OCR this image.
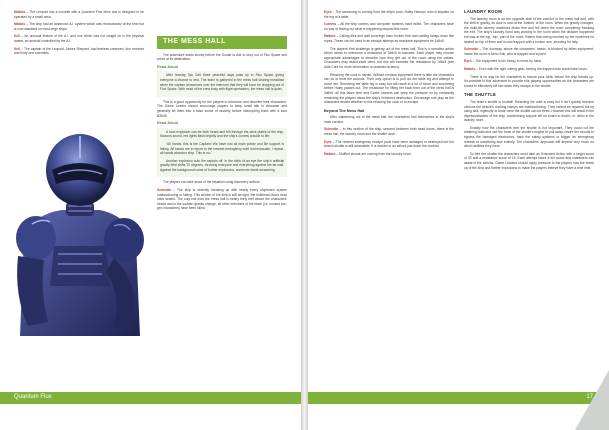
Maliolo – The Leopold has a corvette with a Quantum Flux drive and is designed to be operated by a small crew.

Maliolo – The ship had an advanced A.I. system which was revolutionary at the time but is now standard on most large ships.

Kell – An unusual feature of the A.I. and one which has not caught on is the physical avatar, an android controlled by the A.I.

Kell – The captain of the Leopold, James Shepard, had fearless crewmen, four marines and thirty-one scientists.

THE MESS HALL

The adventure starts shortly before the Ocular is due to drop out of Flux Space and arrive at its destination.

Read Aloud

After leaving Tau Ceti three peaceful days pass by in Flux Space giving everyone a chance to rest. The team is gathered in the mess hall sharing breakfast when the captain announces over the intercom that they will soon be dropping out of Flux Space. With most of the crew busy with flight operations, the mess hall is quiet.

This is a good opportunity for the players to introduce and describe their characters. The Game Leader should encourage players to keep small talk in character and generally let them into a false sense of security before interrupting them with a loud BANG!

Read Aloud

A loud explosion can be both heard and felt through the deck plates of the ship. Klaxons sound, red lights flash brightly and the ship's comms crackle to life.

"All hands, this is the Captain! We have lost all main power and life support is failing. All hands are to report to the nearest emergency craft and evacuate. I repeat, all hands abandon ship. This is no-"

Another explosion cuts the captain off. In the blink of an eye the ship's artificial gravity field shifts 70 degrees, throwing everyone and everything against the far wall. Against the background noise of further explosions, someone starts screaming.

The players can take stock of the situation using discovery actions.

Schrodin – The ship is violently breaking up with nearly every shipboard system malfunctioning or failing. This section of the ship is still air-tight; the bulkhead doors must have sealed. The only exit from the mess hall is nearly thirty feet above the characters' heads and in the sudden gravity change, all other members of the team (i.e. unused pre-gen characters) have been killed.

Quantum Flux

Eyes – The screaming is coming from the ship's cook, Haley Hanson, who is impaled on the leg of a table.

Comms – All the ship comms and computer systems have failed. The characters have no way of finding out what is happening beyond this room.

Maliolo – Ceiling tiles and wall coverings have broken free and cabling hangs down like ropes. These can be used in an escape attempt as mundane equipment for 1d6x5.

The players' first challenge is getting out of the mess hall. This is a narrative action which needs to overcome a resistance of 3d6x5 to succeed. Each player may choose appropriate advantages to describe how they get out of the room using the cables. Characters may assist each other, but this will increase the resistance by 1d6x5 (see Aids Core for more information on assisted actions).

Rescuing the cook is harder. Without medical equipment there is little the characters can do to treat the wounds. Their only option is to pull out the table leg and attempt to move her. Removing the table leg is easy but will result in a lot of blood and screaming before Haley passes out. The resistance for lifting her back from out of the mess hall is 3d6x5. All this takes time and Game Leaders can keep the pressure on by constantly reminding the players about the ship's imminent destruction. Encourage role play as the characters decide whether to risk rescuing the cook or to escape.

Beyond The Mess Hall

After clambering out of the mess hall, the characters find themselves in the ship's main corridor.

Schrodin – In this section of the ship, secured between both head doors, there is the mess hall, the laundry room and the shuttle dock.

Eyes – The nearest emergency escape pods have been damaged or destroyed but the team's shuttle is still accessible. If a docked or an airlock just down the corridor.

Maliolo – Muffled shouts are coming from the laundry room.

LAUNDRY ROOM

The laundry room is on the opposite side of the corridor to the mess hall and, with the shift in gravity, its door is now at the 'bottom' of the room. When the gravity changed, the multi-tier laundry machines broke free and fell down the room completely blocking the exit. The ship's laundry hand was working in the room when the disaster happened but was at the top, 'top', part of the room. Rather than being crushed by the machines he landed on top of them and is now trapped with a broken arm, shouting for help.

Schrodin – The doorway, above the characters' heads, is blocked by fallen equipment. Inside the room is Abhu Sok, who is trapped and injured.

Eyes – The equipment is too heavy to move by hand.

Maliolo – Even with the right cutting gear, freeing the trapped man would take hours.

There is no way for the characters to rescue poor Abhu before the ship breaks up. It's possible in this adventure to provide role playing opportunities as the characters are forced to effectively kill him when they escape in the shuttle.

THE SHUTTLE

The team's shuttle is football. Reaching the craft is easy but it isn't quickly become obvious the airlock's docking clamps are malfunctioning. They cannot be repaired but by using skill, ingenuity or brute force the shuttle can be freed. However this will result in the depressurisation of the ship, condemning anyone left on board to death, i.e. Abhu in the laundry room.

Exactly how the characters free the shuttle is not important. They could cut the retaining bolts and use the force of the shuttle's engine to pull away, rewire the circuits to bypass the damaged electronics, hack the safety systems to trigger an emergency release or something else entirely. The characters' approach will depend very much on which abilities they have.

To free the shuttle the characters must take an Extended Action with a target score of 30 and a resistance score of 15. Each attempt takes a full round and characters can assist in the actions. Game Leaders should apply pressure to the players now the break up of the ship and further explosions to make the players believe they have a time limit.

17
